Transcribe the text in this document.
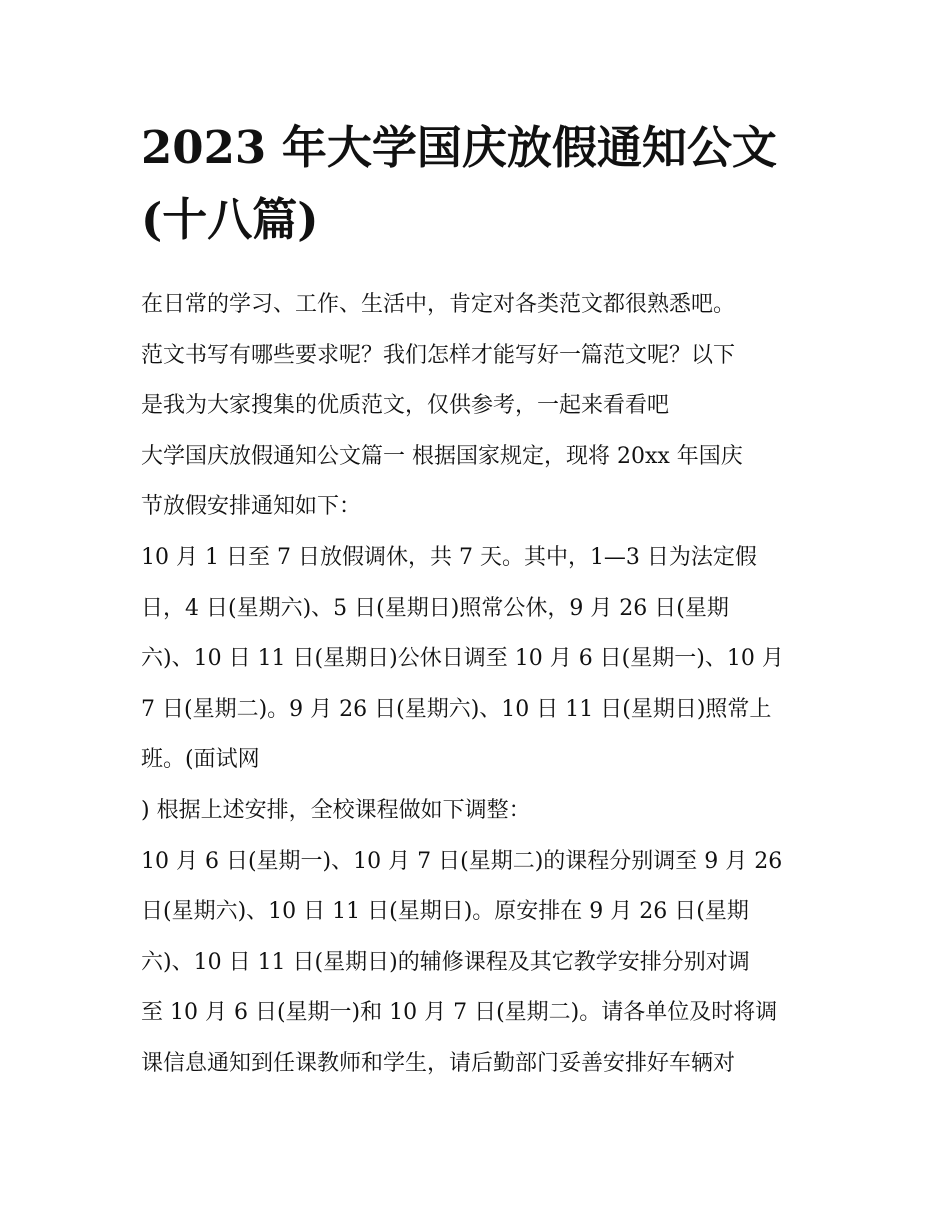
2023 年大学国庆放假通知公文
(十八篇)

在日常的学习、工作、生活中，肯定对各类范文都很熟悉吧。

范文书写有哪些要求呢？我们怎样才能写好一篇范文呢？以下

是我为大家搜集的优质范文，仅供参考，一起来看看吧

大学国庆放假通知公文篇一 根据国家规定，现将 20xx 年国庆

节放假安排通知如下：

10 月 1 日至 7 日放假调休，共 7 天。其中，1—3 日为法定假

日，4 日(星期六)、5 日(星期日)照常公休，9 月 26 日(星期

六)、10 日 11 日(星期日)公休日调至 10 月 6 日(星期一)、10 月

7 日(星期二)。9 月 26 日(星期六)、10 日 11 日(星期日)照常上

班。(面试网

) 根据上述安排，全校课程做如下调整：

10 月 6 日(星期一)、10 月 7 日(星期二)的课程分别调至 9 月 26

日(星期六)、10 日 11 日(星期日)。原安排在 9 月 26 日(星期

六)、10 日 11 日(星期日)的辅修课程及其它教学安排分别对调

至 10 月 6 日(星期一)和 10 月 7 日(星期二)。请各单位及时将调

课信息通知到任课教师和学生，请后勤部门妥善安排好车辆对
